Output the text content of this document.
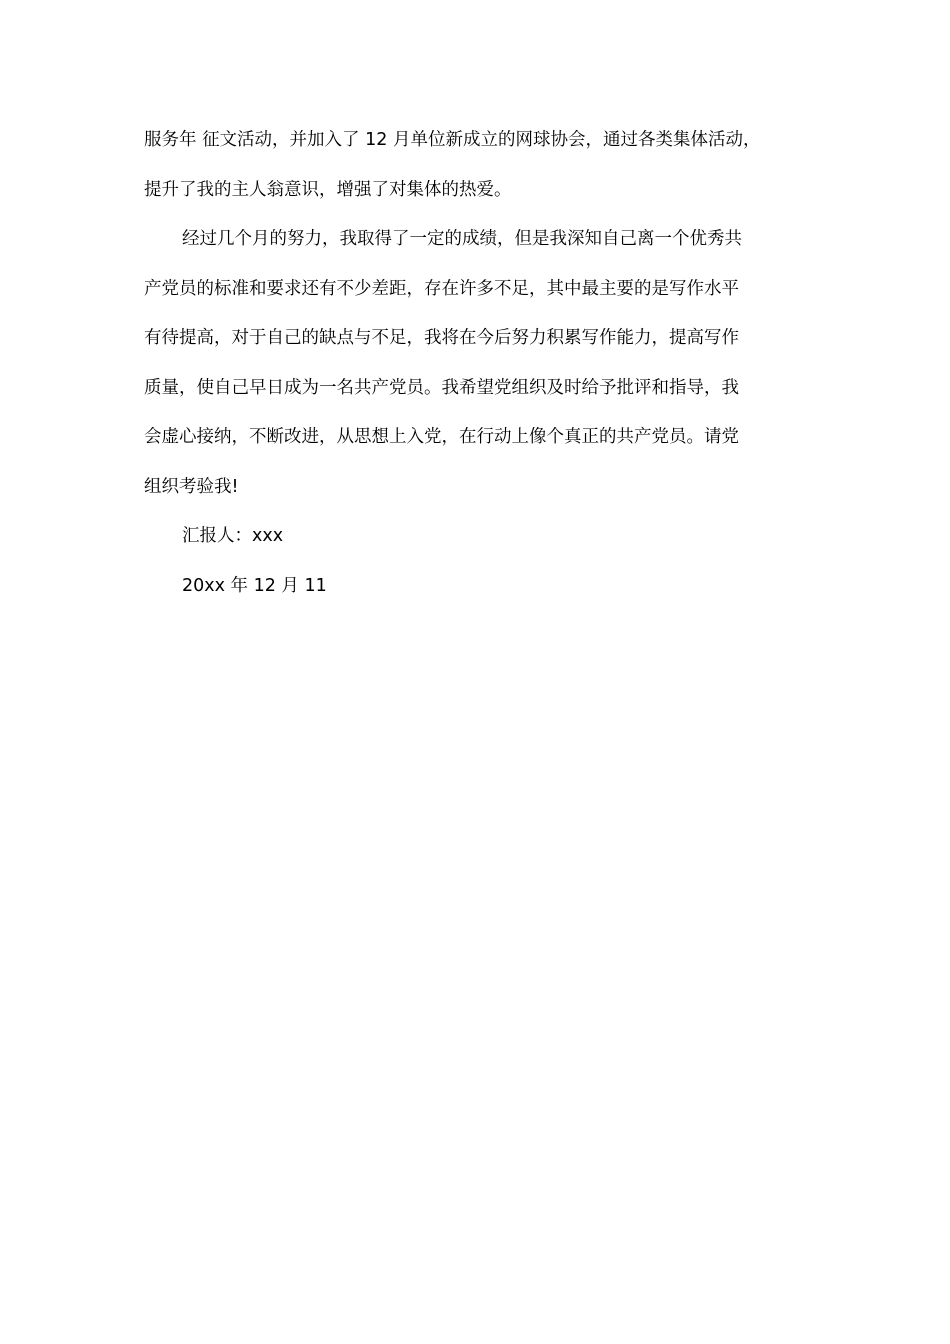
服务年 征文活动，并加入了 12 月单位新成立的网球协会，通过各类集体活动，
提升了我的主人翁意识，增强了对集体的热爱。
经过几个月的努力，我取得了一定的成绩，但是我深知自己离一个优秀共
产党员的标准和要求还有不少差距，存在许多不足，其中最主要的是写作水平
有待提高，对于自己的缺点与不足，我将在今后努力积累写作能力，提高写作
质量，使自己早日成为一名共产党员。我希望党组织及时给予批评和指导，我
会虚心接纳，不断改进，从思想上入党，在行动上像个真正的共产党员。请党
组织考验我!
汇报人：xxx
20xx 年 12 月 11
